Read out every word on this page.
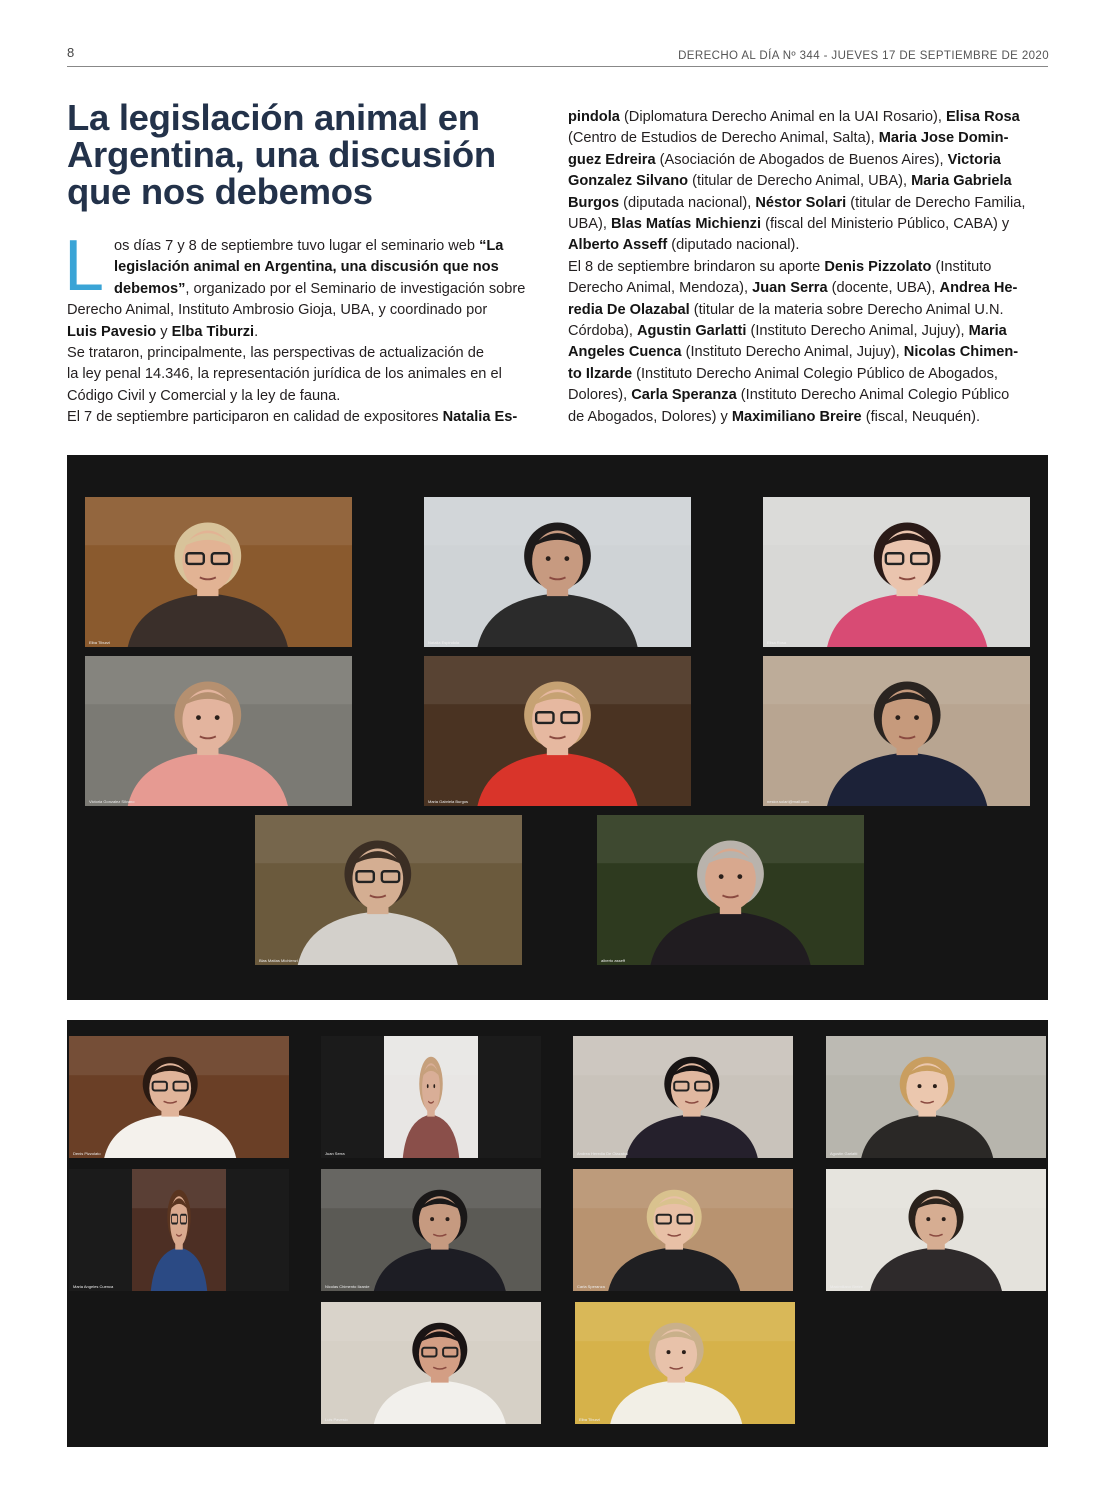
8	DERECHO AL DÍA Nº 344 - JUEVES 17 DE SEPTIEMBRE DE 2020
La legislación animal en Argentina, una discusión que nos debemos
L os días 7 y 8 de septiembre tuvo lugar el seminario web “La
legislación animal en Argentina, una discusión que nos
debemos”, organizado por el Seminario de investigación sobre
Derecho Animal, Instituto Ambrosio Gioja, UBA, y coordinado por
Luis Pavesio y Elba Tiburzi.

Se trataron, principalmente, las perspectivas de actualización de
la ley penal 14.346, la representación jurídica de los animales en el
Código Civil y Comercial y la ley de fauna.

El 7 de septiembre participaron en calidad de expositores Natalia Es-

pindola (Diplomatura Derecho Animal en la UAI Rosario), Elisa Rosa
(Centro de Estudios de Derecho Animal, Salta), Maria Jose Domin-
guez Edreira (Asociación de Abogados de Buenos Aires), Victoria
Gonzalez Silvano (titular de Derecho Animal, UBA), Maria Gabriela
Burgos (diputada nacional), Néstor Solari (titular de Derecho Familia,
UBA), Blas Matías Michienzi (fiscal del Ministerio Público, CABA) y
Alberto Asseff (diputado nacional).

El 8 de septiembre brindaron su aporte Denis Pizzolato (Instituto
Derecho Animal, Mendoza), Juan Serra (docente, UBA), Andrea He-
redia De Olazabal (titular de la materia sobre Derecho Animal U.N.
Córdoba), Agustin Garlatti (Instituto Derecho Animal, Jujuy), Maria
Angeles Cuenca (Instituto Derecho Animal, Jujuy), Nicolas Chimen-
to Ilzarde (Instituto Derecho Animal Colegio Público de Abogados,
Dolores), Carla Speranza (Instituto Derecho Animal Colegio Público
de Abogados, Dolores) y Maximiliano Breire (fiscal, Neuquén).

Elba Tiburzi	Natalia Espindola	Elisa Rosa
Victoria Gonzalez Silvano	Maria Gabriela Burgos	nestor.solari@mail.com
Blas Matías Michienzi	alberto asseff
Denis Pizzolato	Juan Serra	Andrea Heredia De Olazabal	Agustin Garlatti
Maria Angeles Cuenca	Nicolas Chimento Ilzarde	Carla Speranza	Maximiliano Breire
Luis Pavesio	Elba Tiburzi
